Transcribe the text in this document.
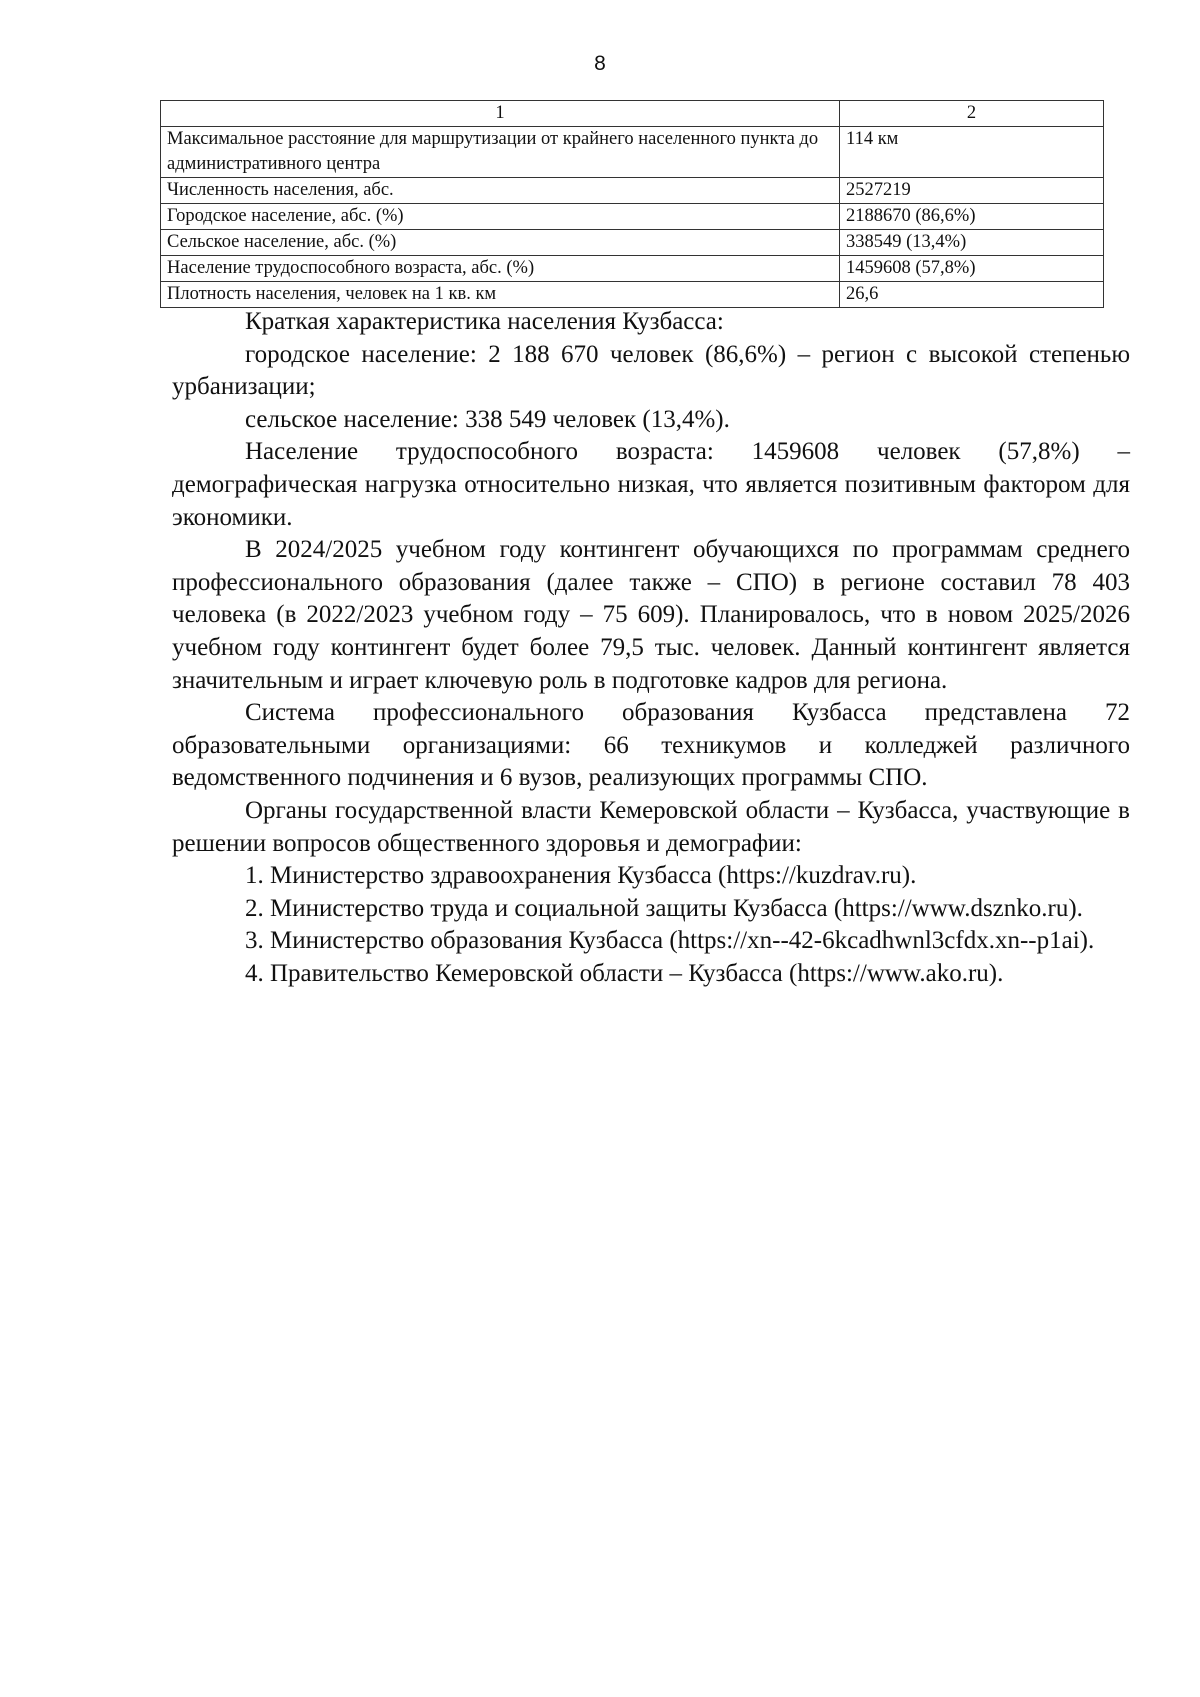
8
1	2
Максимальное расстояние для маршрутизации от крайнего населенного пункта до административного центра	114 км
Численность населения, абс.	2527219
Городское население, абс. (%)	2188670 (86,6%)
Сельское население, абс. (%)	338549 (13,4%)
Население трудоспособного возраста, абс. (%)	1459608 (57,8%)
Плотность населения, человек на 1 кв. км	26,6

Краткая характеристика населения Кузбасса:

городское население: 2 188 670 человек (86,6%) – регион с высокой степенью урбанизации;

сельское население: 338 549 человек (13,4%).

Население трудоспособного возраста: 1459608 человек (57,8%) – демографическая нагрузка относительно низкая, что является позитивным фактором для экономики.

В 2024/2025 учебном году контингент обучающихся по программам среднего профессионального образования (далее также – СПО) в регионе составил 78 403 человека (в 2022/2023 учебном году – 75 609). Планировалось, что в новом 2025/2026 учебном году контингент будет более 79,5 тыс. человек. Данный контингент является значительным и играет ключевую роль в подготовке кадров для региона.

Система профессионального образования Кузбасса представлена 72 образовательными организациями: 66 техникумов и колледжей различного ведомственного подчинения и 6 вузов, реализующих программы СПО.

Органы государственной власти Кемеровской области – Кузбасса, участвующие в решении вопросов общественного здоровья и демографии:

1. Министерство здравоохранения Кузбасса (https://kuzdrav.ru).

2. Министерство труда и социальной защиты Кузбасса (https://www.dsznko.ru).

3. Министерство образования Кузбасса (https://xn--42-6kcadhwnl3cfdx.xn--p1ai).

4. Правительство Кемеровской области – Кузбасса (https://www.ako.ru).
